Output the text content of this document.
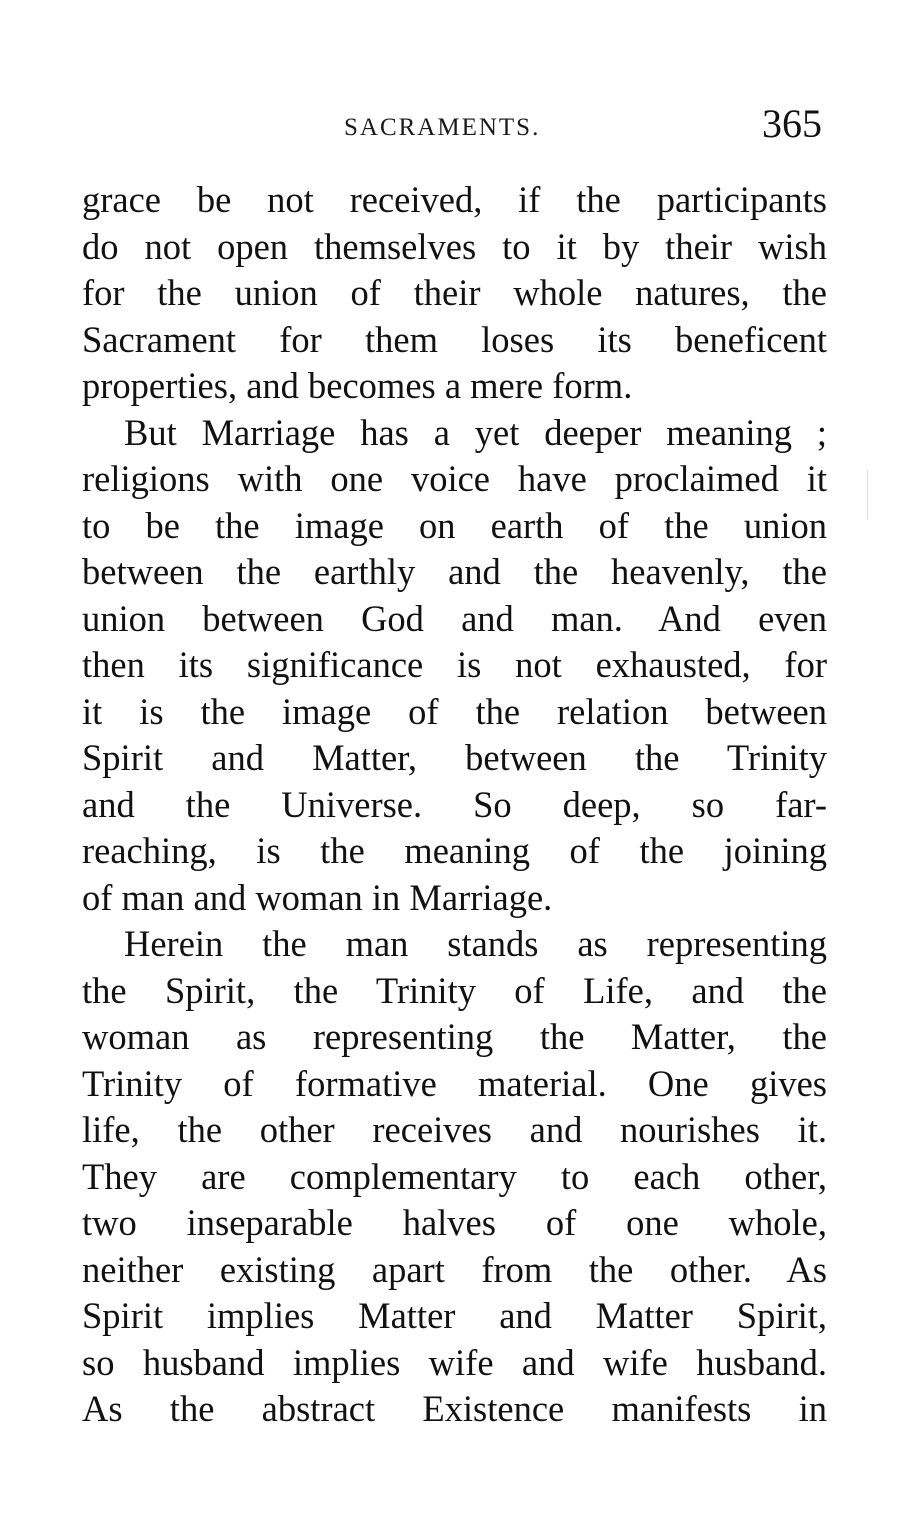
SACRAMENTS.	365
grace be not received, if the participants
do not open themselves to it by their wish
for the union of their whole natures, the
Sacrament for them loses its beneficent
properties, and becomes a mere form.
But Marriage has a yet deeper meaning ;
religions with one voice have proclaimed it
to be the image on earth of the union
between the earthly and the heavenly, the
union between God and man. And even
then its significance is not exhausted, for
it is the image of the relation between
Spirit and Matter, between the Trinity
and the Universe. So deep, so far-
reaching, is the meaning of the joining
of man and woman in Marriage.
Herein the man stands as representing
the Spirit, the Trinity of Life, and the
woman as representing the Matter, the
Trinity of formative material. One gives
life, the other receives and nourishes it.
They are complementary to each other,
two inseparable halves of one whole,
neither existing apart from the other. As
Spirit implies Matter and Matter Spirit,
so husband implies wife and wife husband.
As the abstract Existence manifests in
